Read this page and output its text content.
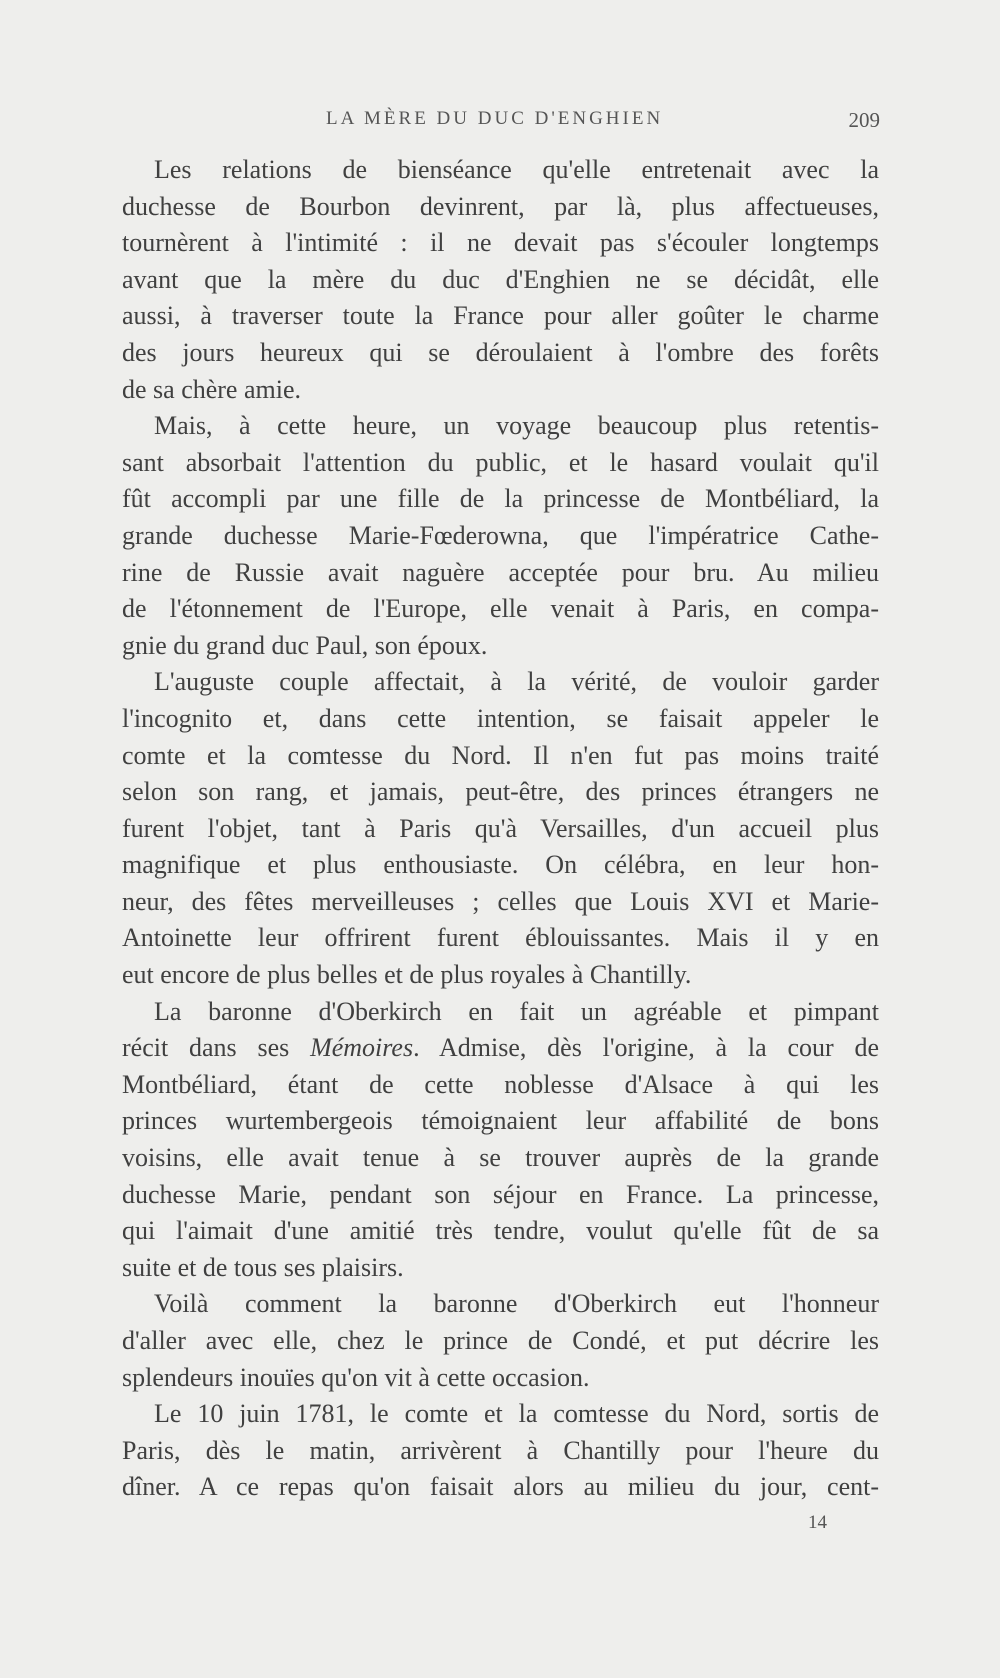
LA MÈRE DU DUC D'ENGHIEN	209

Les relations de bienséance qu'elle entretenait avec la
duchesse de Bourbon devinrent, par là, plus affectueuses,
tournèrent à l'intimité : il ne devait pas s'écouler longtemps
avant que la mère du duc d'Enghien ne se décidât, elle
aussi, à traverser toute la France pour aller goûter le charme
des jours heureux qui se déroulaient à l'ombre des forêts
de sa chère amie.

Mais, à cette heure, un voyage beaucoup plus retentis-
sant absorbait l'attention du public, et le hasard voulait qu'il
fût accompli par une fille de la princesse de Montbéliard, la
grande duchesse Marie-Fœderowna, que l'impératrice Cathe-
rine de Russie avait naguère acceptée pour bru. Au milieu
de l'étonnement de l'Europe, elle venait à Paris, en compa-
gnie du grand duc Paul, son époux.

L'auguste couple affectait, à la vérité, de vouloir garder
l'incognito et, dans cette intention, se faisait appeler le
comte et la comtesse du Nord. Il n'en fut pas moins traité
selon son rang, et jamais, peut-être, des princes étrangers ne
furent l'objet, tant à Paris qu'à Versailles, d'un accueil plus
magnifique et plus enthousiaste. On célébra, en leur hon-
neur, des fêtes merveilleuses ; celles que Louis XVI et Marie-
Antoinette leur offrirent furent éblouissantes. Mais il y en
eut encore de plus belles et de plus royales à Chantilly.

La baronne d'Oberkirch en fait un agréable et pimpant
récit dans ses Mémoires. Admise, dès l'origine, à la cour de
Montbéliard, étant de cette noblesse d'Alsace à qui les
princes wurtembergeois témoignaient leur affabilité de bons
voisins, elle avait tenue à se trouver auprès de la grande
duchesse Marie, pendant son séjour en France. La princesse,
qui l'aimait d'une amitié très tendre, voulut qu'elle fût de sa
suite et de tous ses plaisirs.

Voilà comment la baronne d'Oberkirch eut l'honneur
d'aller avec elle, chez le prince de Condé, et put décrire les
splendeurs inouïes qu'on vit à cette occasion.

Le 10 juin 1781, le comte et la comtesse du Nord, sortis de
Paris, dès le matin, arrivèrent à Chantilly pour l'heure du
dîner. A ce repas qu'on faisait alors au milieu du jour, cent-

14
